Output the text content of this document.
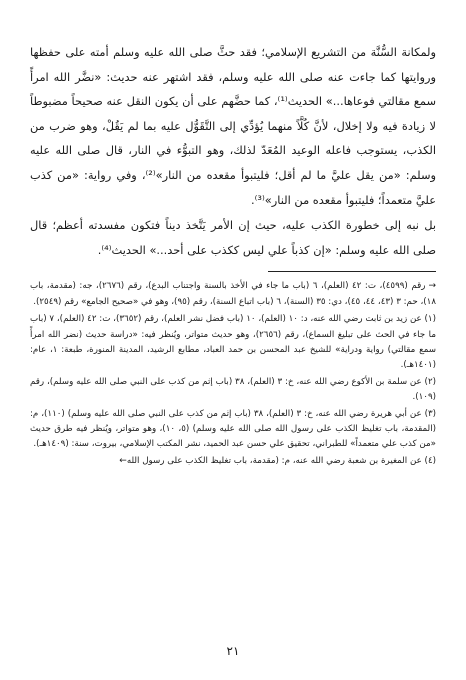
ولمكانة السُّنَّة من التشريع الإسلامي؛ فقد حثَّ صلى الله عليه وسلم أمته على حفظها وروايتها كما جاءت عنه صلى الله عليه وسلم، فقد اشتهر عنه حديث: «نضَّر الله امرأً سمع مقالتي فوعاها...» الحديث⁽¹⁾، كما حضَّهم على أن يكون النقل عنه صحيحاً مضبوطاً لا زيادة فيه ولا إخلال، لأنَّ كُلَّاً منهما يُؤدِّي إلى التَّقَوُّل عليه بما لم يَقُلْ، وهو ضرب من الكذب، يستوجب فاعله الوعيد المُعَدّ لذلك، وهو التبوُّء في النار، قال صلى الله عليه وسلم: «من يقل عليَّ ما لم أقل؛ فليتبوأ مقعده من النار»⁽²⁾، وفي رواية: «من كذب عليَّ متعمداً؛ فليتبوأ مقعده من النار»⁽³⁾.

بل نبه إلى خطورة الكذب عليه، حيث إن الأمر يَتَّخذ ديناً فتكون مفسدته أعظم؛ قال صلى الله عليه وسلم: «إن كذباً علي ليس ككذب على أحد...» الحديث⁽⁴⁾.

→رقم (٤٥٩٩)، ت: ٤٢ (العلم)، ٦ (باب ما جاء في الأخذ بالسنة واجتناب البدع)، رقم (٢٦٧٦)، جه: (مقدمة، باب ١٨)، حم: ٣ (٤٣، ٤٤، ٤٥)، دي: ٣٥ (السنة)، ٦ (باب اتباع السنة)، رقم (٩٥)، وهو في «صحيح الجامع» رقم (٢٥٤٩).

(١) عن زيد بن ثابت رضي الله عنه، د: ١٠ (العلم)، ١٠ (باب فضل نشر العلم)، رقم (٣٦٥٢)، ت: ٤٢ (العلم)، ٧ (باب ما جاء في الحث على تبليغ السماع)، رقم (٢٦٥٦)، وهو حديث متواتر، ويُنظر فيه: «دراسة حديث (نضر الله امرأً سمع مقالتي) رواية ودراية» للشيخ عبد المحسن بن حمد العباد، مطابع الرشيد، المدينة المنورة، طبعة: ١، عام: (١٤٠١هـ).

(٢) عن سلمة بن الأكوع رضي الله عنه، خ: ٣ (العلم)، ٣٨ (باب إثم من كذب على النبي صلى الله عليه وسلم)، رقم (١٠٩).

(٣) عن أبي هريرة رضي الله عنه، خ: ٣ (العلم)، ٣٨ (باب إثم من كذب على النبي صلى الله عليه وسلم) (١١٠)، م: (المقدمة، باب تغليظ الكذب على رسول الله صلى الله عليه وسلم) (٥، ١٠)، وهو متواتر، ويُنظر فيه طرق حديث «من كذب علي متعمداً» للطبراني، تحقيق علي حسن عبد الحميد، نشر المكتب الإسلامي، بيروت، سنة: (١٤٠٩هـ).

(٤) عن المغيرة بن شعبة رضي الله عنه، م: (مقدمة، باب تغليظ الكذب على رسول الله←

٢١
